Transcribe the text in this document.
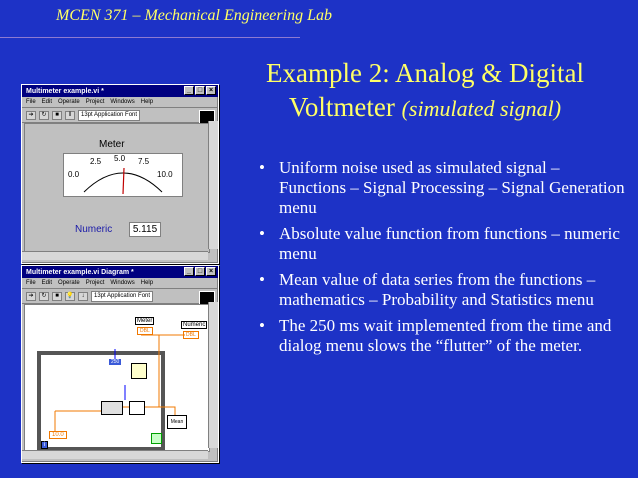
MCEN 371 – Mechanical Engineering Lab
Example 2: Analog & Digital
Voltmeter (simulated signal)
• Uniform noise used as simulated signal – Functions – Signal Processing – Signal Generation menu
• Absolute value function from functions – numeric menu
• Mean value of data series from the functions – mathematics – Probability and Statistics menu
• The 250 ms wait implemented from the time and dialog menu slows the “flutter” of the meter.
Multimeter example.vi *	_ □ ×
File Edit Operate Project Windows Help
➔	↻	■	‖	13pt Application Font
Meter
0.0
2.5 5.0 7.5
10.0
Numeric	5.115
Multimeter example.vi Diagram *	_ □ ×
File Edit Operate Project Windows Help
➔	↻	■	💡	↓	13pt Application Font
Meter
DBL
Numeric
DBL
250
Mean
10.0
i
